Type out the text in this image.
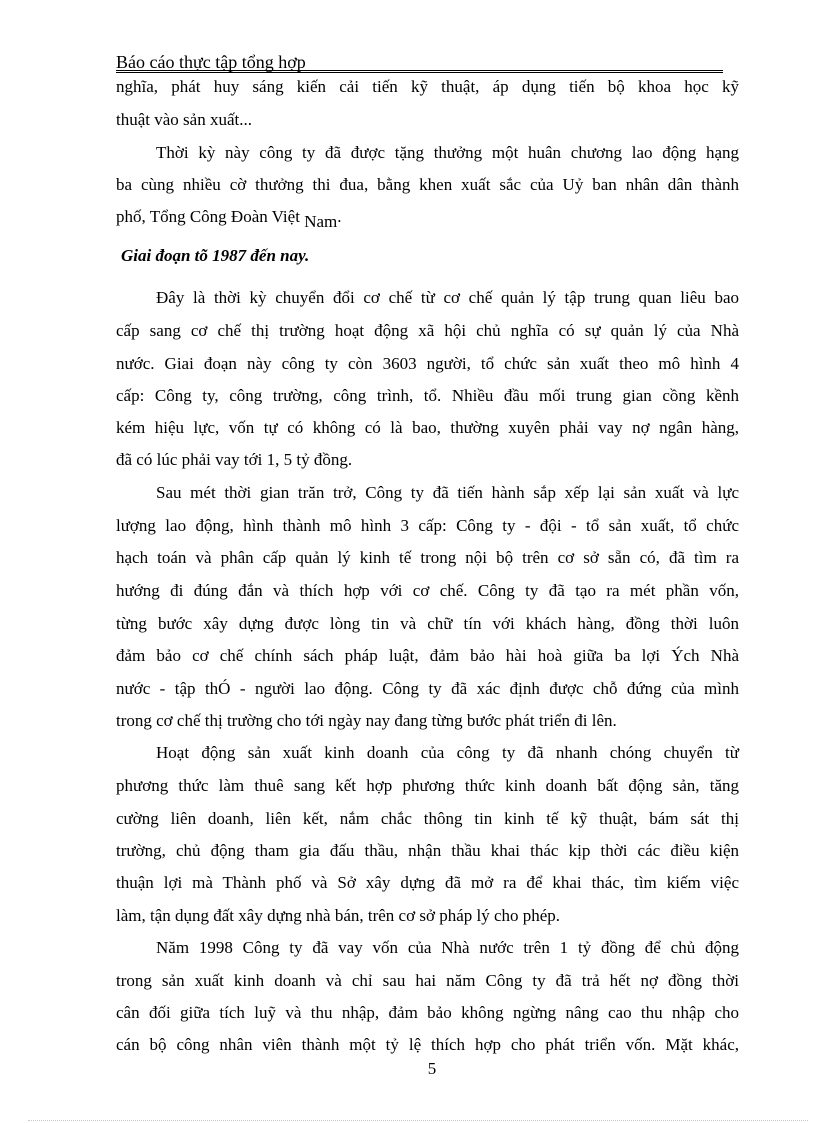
Báo cáo thực tập tổng hợp
nghĩa, phát huy sáng kiến cải tiến kỹ thuật, áp dụng tiến bộ khoa học kỹ
thuật vào sản xuất...
Thời kỳ này công ty đã được tặng thưởng một huân chương lao động hạng
ba cùng nhiều cờ thưởng thi đua, bằng khen xuất sắc của Uỷ ban nhân dân thành
phố, Tổng Công Đoàn Việt Nam.
Giai đoạn tõ 1987 đến nay.
Đây là thời kỳ chuyển đổi cơ chế từ cơ chế quản lý tập trung quan liêu bao
cấp sang cơ chế thị trường hoạt động xã hội chủ nghĩa có sự quản lý của Nhà
nước. Giai đoạn này công ty còn 3603 người, tổ chức sản xuất theo mô hình 4
cấp: Công ty, công trường, công trình, tổ. Nhiều đầu mối trung gian cồng kềnh
kém hiệu lực, vốn tự có không có là bao, thường xuyên phải vay nợ ngân hàng,
đã có lúc phải vay tới 1, 5 tỷ đồng.
Sau mét thời gian trăn trở, Công ty đã tiến hành sắp xếp lại sản xuất và lực
lượng lao động, hình thành mô hình 3 cấp: Công ty - đội - tổ sản xuất, tổ chức
hạch toán và phân cấp quản lý kinh tế trong nội bộ trên cơ sở sẵn có, đã tìm ra
hướng đi đúng đắn và thích hợp với cơ chế. Công ty đã tạo ra mét phần vốn,
từng bước xây dựng được lòng tin và chữ tín với khách hàng, đồng thời luôn
đảm bảo cơ chế chính sách pháp luật, đảm bảo hài hoà giữa ba lợi Ých Nhà
nước - tập thÓ - người lao động. Công ty đã xác định được chỗ đứng của mình
trong cơ chế thị trường cho tới ngày nay đang từng bước phát triển đi lên.
Hoạt động sản xuất kinh doanh của công ty đã nhanh chóng chuyển từ
phương thức làm thuê sang kết hợp phương thức kinh doanh bất động sản, tăng
cường liên doanh, liên kết, nắm chắc thông tin kinh tế kỹ thuật, bám sát thị
trường, chủ động tham gia đấu thầu, nhận thầu khai thác kịp thời các điều kiện
thuận lợi mà Thành phố và Sở xây dựng đã mở ra để khai thác, tìm kiếm việc
làm, tận dụng đất xây dựng nhà bán, trên cơ sở pháp lý cho phép.
Năm 1998 Công ty đã vay vốn của Nhà nước trên 1 tỷ đồng để chủ động
trong sản xuất kinh doanh và chỉ sau hai năm Công ty đã trả hết nợ đồng thời
cân đối giữa tích luỹ và thu nhập, đảm bảo không ngừng nâng cao thu nhập cho
cán bộ công nhân viên thành một tỷ lệ thích hợp cho phát triển vốn. Mặt khác,
5
